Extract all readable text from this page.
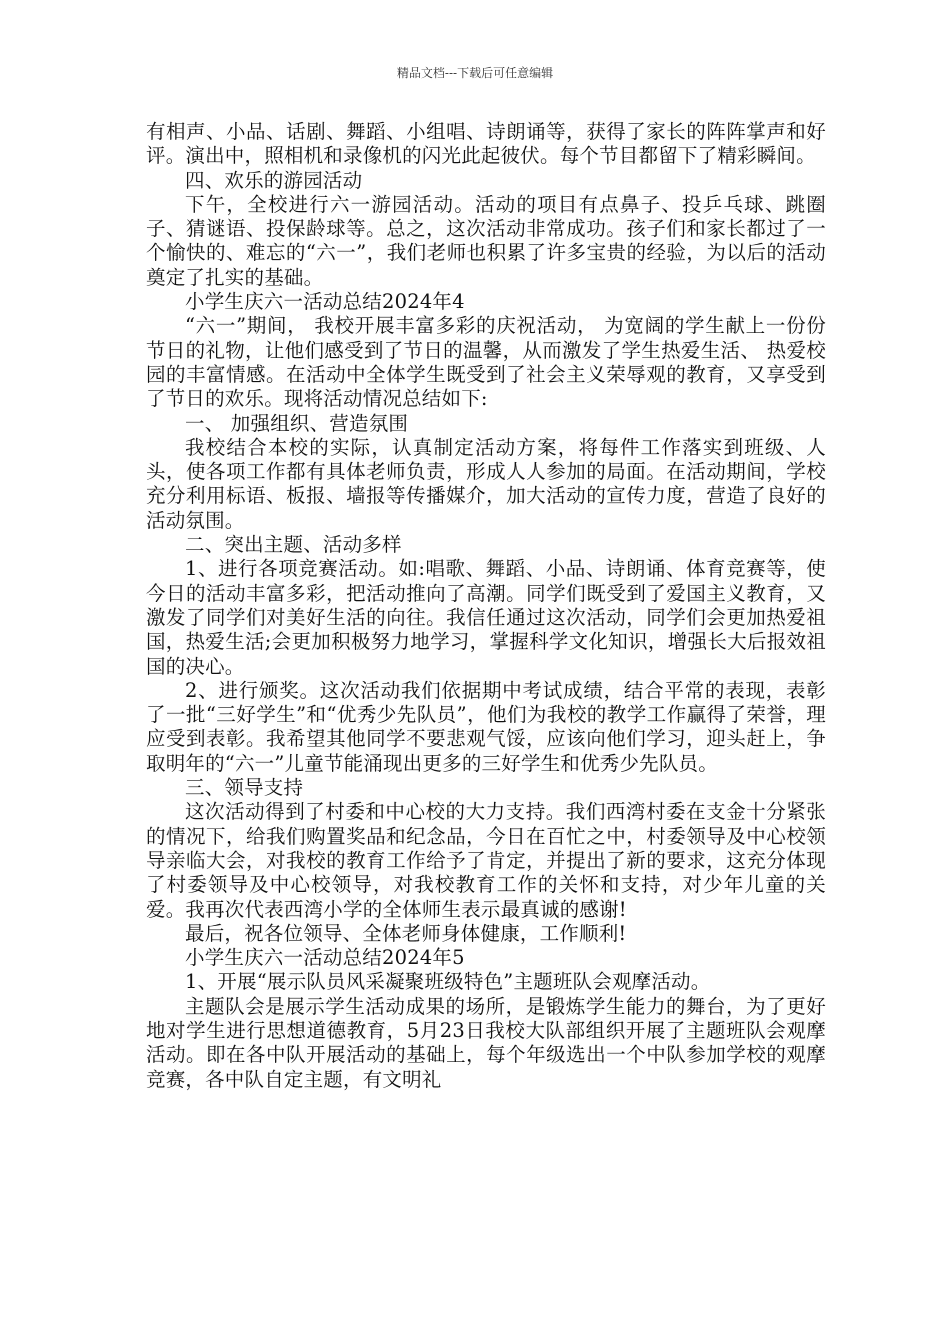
精品文档---下载后可任意编辑

有相声、小品、话剧、舞蹈、小组唱、诗朗诵等，获得了家长的阵阵掌声和好评。演出中，照相机和录像机的闪光此起彼伏。每个节目都留下了精彩瞬间。

四、欢乐的游园活动

下午，全校进行六一游园活动。活动的项目有点鼻子、投乒乓球、跳圈子、猜谜语、投保龄球等。总之，这次活动非常成功。孩子们和家长都过了一个愉快的、难忘的“六一”，我们老师也积累了许多宝贵的经验，为以后的活动奠定了扎实的基础。

小学生庆六一活动总结2024年4

“六一”期间， 我校开展丰富多彩的庆祝活动， 为宽阔的学生献上一份份节日的礼物，让他们感受到了节日的温馨，从而激发了学生热爱生活、 热爱校园的丰富情感。在活动中全体学生既受到了社会主义荣辱观的教育，又享受到了节日的欢乐。现将活动情况总结如下:

一、 加强组织、营造氛围

我校结合本校的实际，认真制定活动方案，将每件工作落实到班级、人头，使各项工作都有具体老师负责，形成人人参加的局面。在活动期间，学校充分利用标语、板报、墙报等传播媒介，加大活动的宣传力度，营造了良好的活动氛围。

二、突出主题、活动多样

1、进行各项竞赛活动。如:唱歌、舞蹈、小品、诗朗诵、体育竞赛等，使今日的活动丰富多彩，把活动推向了高潮。同学们既受到了爱国主义教育，又激发了同学们对美好生活的向往。我信任通过这次活动，同学们会更加热爱祖国，热爱生活;会更加积极努力地学习，掌握科学文化知识，增强长大后报效祖国的决心。

2、进行颁奖。这次活动我们依据期中考试成绩，结合平常的表现，表彰了一批“三好学生”和“优秀少先队员”，他们为我校的教学工作赢得了荣誉，理应受到表彰。我希望其他同学不要悲观气馁，应该向他们学习，迎头赶上，争取明年的“六一”儿童节能涌现出更多的三好学生和优秀少先队员。

三、领导支持

这次活动得到了村委和中心校的大力支持。我们西湾村委在支金十分紧张的情况下，给我们购置奖品和纪念品，今日在百忙之中，村委领导及中心校领导亲临大会，对我校的教育工作给予了肯定，并提出了新的要求，这充分体现了村委领导及中心校领导，对我校教育工作的关怀和支持，对少年儿童的关爱。我再次代表西湾小学的全体师生表示最真诚的感谢!

最后，祝各位领导、全体老师身体健康，工作顺利!

小学生庆六一活动总结2024年5

1、开展“展示队员风采凝聚班级特色”主题班队会观摩活动。

主题队会是展示学生活动成果的场所，是锻炼学生能力的舞台，为了更好地对学生进行思想道德教育，5月23日我校大队部组织开展了主题班队会观摩活动。即在各中队开展活动的基础上，每个年级选出一个中队参加学校的观摩竞赛，各中队自定主题，有文明礼
